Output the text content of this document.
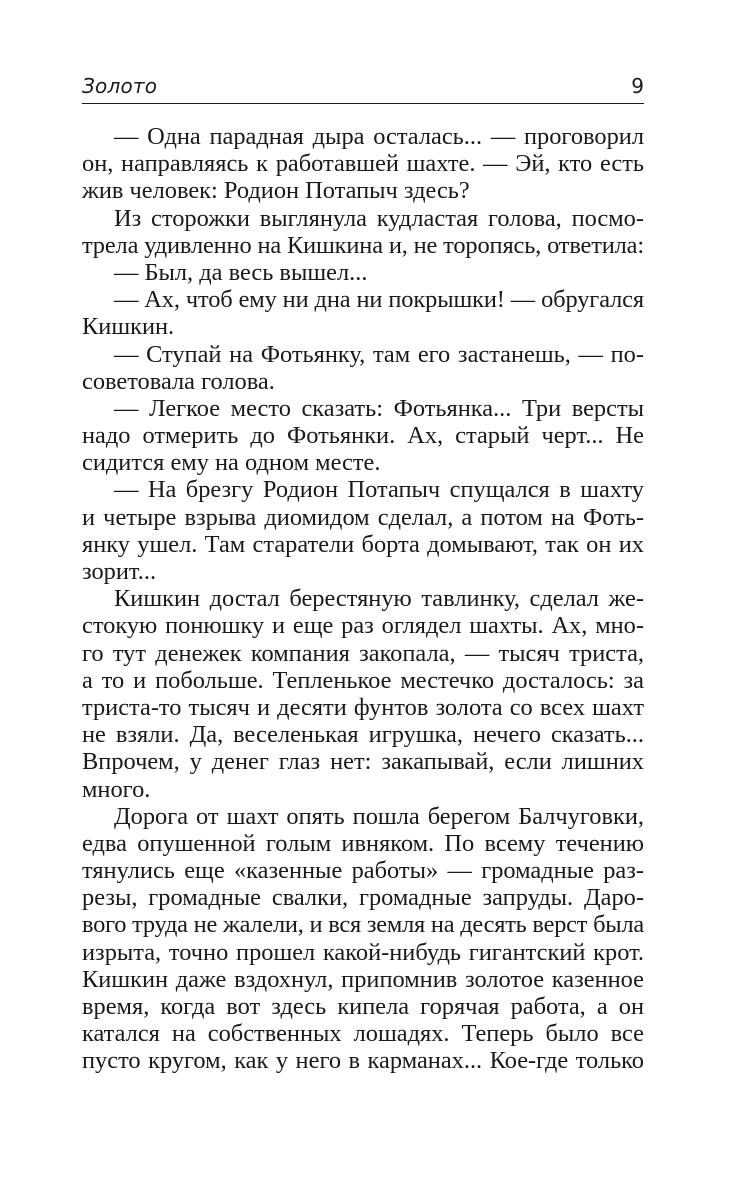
Золото	9
— Одна парадная дыра осталась... — проговорил
он, направляясь к работавшей шахте. — Эй, кто есть
жив человек: Родион Потапыч здесь?
Из сторожки выглянула кудластая голова, посмо-
трела удивленно на Кишкина и, не торопясь, ответила:
— Был, да весь вышел...
— Ах, чтоб ему ни дна ни покрышки! — обругался
Кишкин.
— Ступай на Фотьянку, там его застанешь, — по-
советовала голова.
— Легкое место сказать: Фотьянка... Три версты
надо отмерить до Фотьянки. Ах, старый черт... Не
сидится ему на одном месте.
— На брезгу Родион Потапыч спущался в шахту
и четыре взрыва диомидом сделал, а потом на Фоть-
янку ушел. Там старатели борта домывают, так он их
зорит...
Кишкин достал берестяную тавлинку, сделал же-
стокую понюшку и еще раз оглядел шахты. Ах, мно-
го тут денежек компания закопала, — тысяч триста,
а то и побольше. Тепленькое местечко досталось: за
триста-то тысяч и десяти фунтов золота со всех шахт
не взяли. Да, веселенькая игрушка, нечего сказать...
Впрочем, у денег глаз нет: закапывай, если лишних
много.
Дорога от шахт опять пошла берегом Балчуговки,
едва опушенной голым ивняком. По всему течению
тянулись еще «казенные работы» — громадные раз-
резы, громадные свалки, громадные запруды. Даро-
вого труда не жалели, и вся земля на десять верст была
изрыта, точно прошел какой-нибудь гигантский крот.
Кишкин даже вздохнул, припомнив золотое казенное
время, когда вот здесь кипела горячая работа, а он
катался на собственных лошадях. Теперь было все
пусто кругом, как у него в карманах... Кое-где только
